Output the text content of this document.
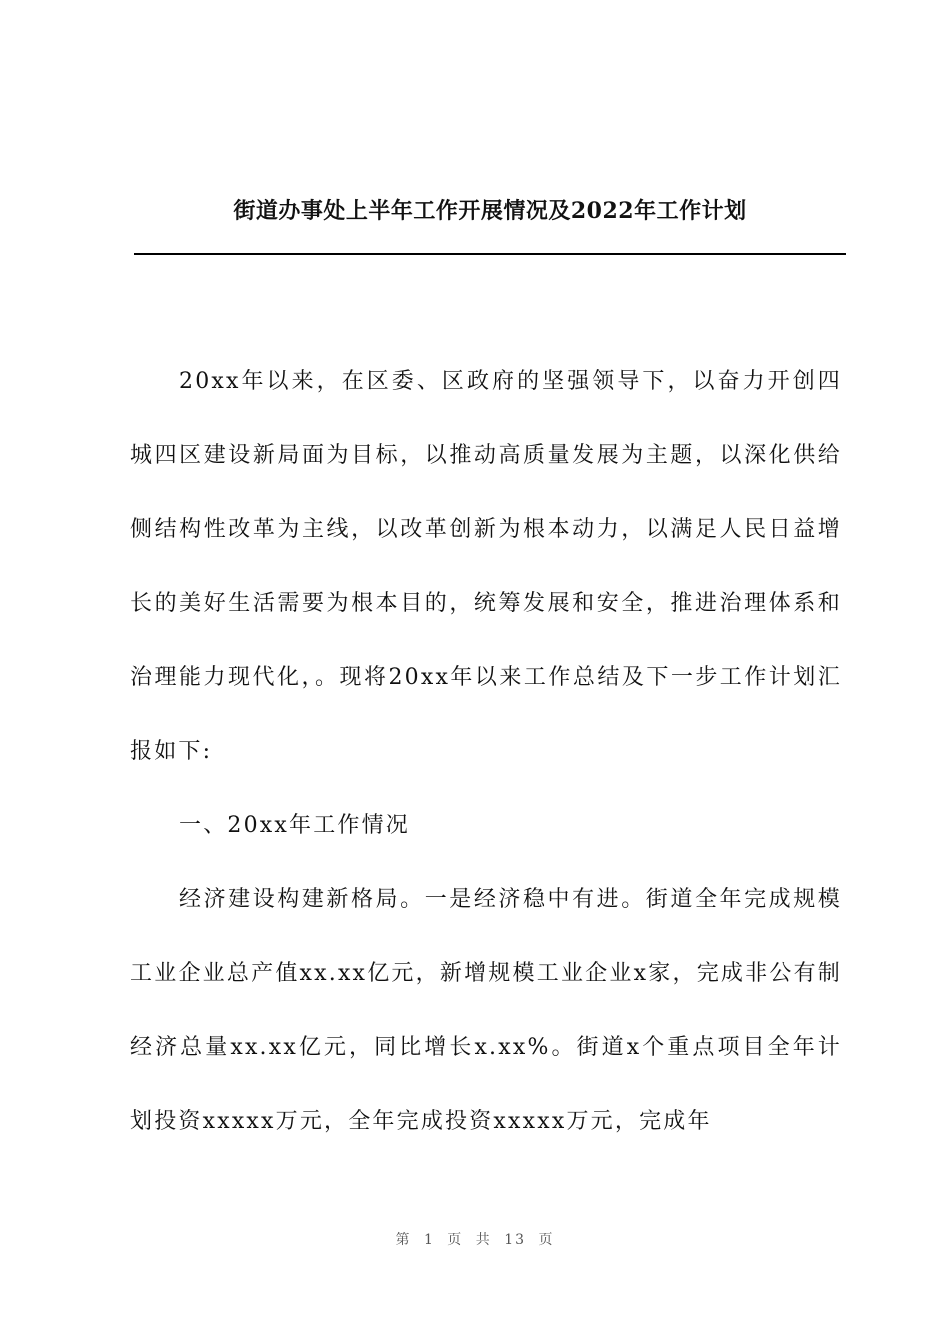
街道办事处上半年工作开展情况及2022年工作计划

20xx年以来，在区委、区政府的坚强领导下，以奋力开创四城四区建设新局面为目标，以推动高质量发展为主题，以深化供给侧结构性改革为主线，以改革创新为根本动力，以满足人民日益增长的美好生活需要为根本目的，统筹发展和安全，推进治理体系和治理能力现代化，。现将20xx年以来工作总结及下一步工作计划汇报如下:

一、20xx年工作情况

经济建设构建新格局。一是经济稳中有进。街道全年完成规模工业企业总产值xx.xx亿元，新增规模工业企业x家，完成非公有制经济总量xx.xx亿元，同比增长x.xx%。街道x个重点项目全年计划投资xxxxx万元，全年完成投资xxxxx万元，完成年

第 1 页 共 13 页
